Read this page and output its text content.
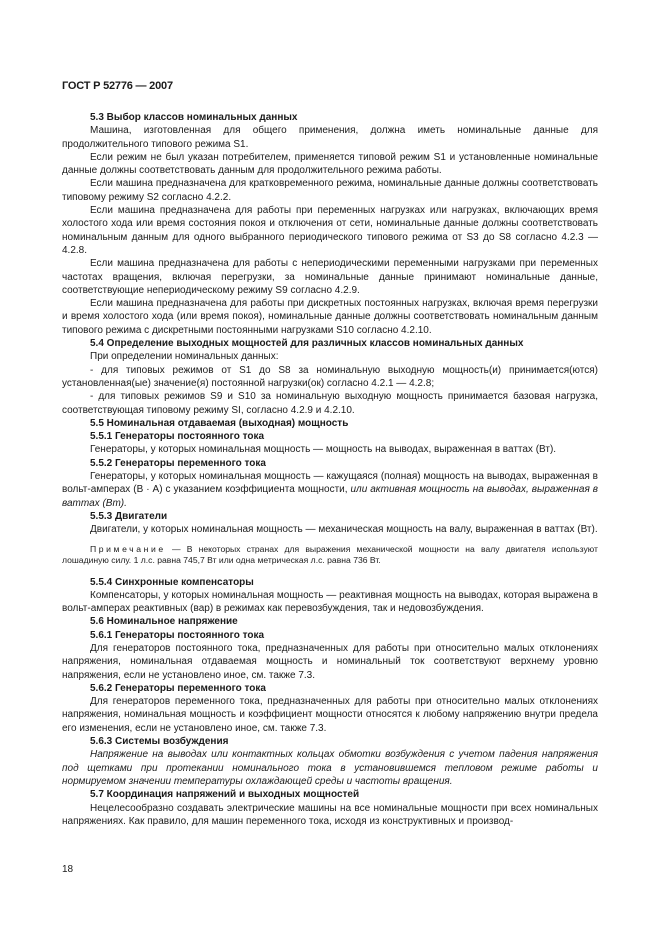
ГОСТ Р 52776 — 2007

5.3 Выбор классов номинальных данных

Машина, изготовленная для общего применения, должна иметь номинальные данные для продолжительного типового режима S1.

Если режим не был указан потребителем, применяется типовой режим S1 и установленные номинальные данные должны соответствовать данным для продолжительного режима работы.

Если машина предназначена для кратковременного режима, номинальные данные должны соответствовать типовому режиму S2 согласно 4.2.2.

Если машина предназначена для работы при переменных нагрузках или нагрузках, включающих время холостого хода или время состояния покоя и отключения от сети, номинальные данные должны соответствовать номинальным данным для одного выбранного периодического типового режима от S3 до S8 согласно 4.2.3 — 4.2.8.

Если машина предназначена для работы с непериодическими переменными нагрузками при переменных частотах вращения, включая перегрузки, за номинальные данные принимают номинальные данные, соответствующие непериодическому режиму S9 согласно 4.2.9.

Если машина предназначена для работы при дискретных постоянных нагрузках, включая время перегрузки и время холостого хода (или время покоя), номинальные данные должны соответствовать номинальным данным типового режима с дискретными постоянными нагрузками S10 согласно 4.2.10.

5.4 Определение выходных мощностей для различных классов номинальных данных

При определении номинальных данных:

- для типовых режимов от S1 до S8 за номинальную выходную мощность(и) принимается(ются) установленная(ые) значение(я) постоянной нагрузки(ок) согласно 4.2.1 — 4.2.8;

- для типовых режимов S9 и S10 за номинальную выходную мощность принимается базовая нагрузка, соответствующая типовому режиму SI, согласно 4.2.9 и 4.2.10.

5.5 Номинальная отдаваемая (выходная) мощность

5.5.1 Генераторы постоянного тока

Генераторы, у которых номинальная мощность — мощность на выводах, выраженная в ваттах (Вт).

5.5.2 Генераторы переменного тока

Генераторы, у которых номинальная мощность — кажущаяся (полная) мощность на выводах, выраженная в вольт-амперах (В · А) с указанием коэффициента мощности, или активная мощность на выводах, выраженная в ваттах (Вт).

5.5.3 Двигатели

Двигатели, у которых номинальная мощность — механическая мощность на валу, выраженная в ваттах (Вт).

Примечание — В некоторых странах для выражения механической мощности на валу двигателя используют лошадиную силу. 1 л.с. равна 745,7 Вт или одна метрическая л.с. равна 736 Вт.

5.5.4 Синхронные компенсаторы

Компенсаторы, у которых номинальная мощность — реактивная мощность на выводах, которая выражена в вольт-амперах реактивных (вар) в режимах как перевозбуждения, так и недовозбуждения.

5.6 Номинальное напряжение

5.6.1 Генераторы постоянного тока

Для генераторов постоянного тока, предназначенных для работы при относительно малых отклонениях напряжения, номинальная отдаваемая мощность и номинальный ток соответствуют верхнему уровню напряжения, если не установлено иное, см. также 7.3.

5.6.2 Генераторы переменного тока

Для генераторов переменного тока, предназначенных для работы при относительно малых отклонениях напряжения, номинальная мощность и коэффициент мощности относятся к любому напряжению внутри предела его изменения, если не установлено иное, см. также 7.3.

5.6.3 Системы возбуждения

Напряжение на выводах или контактных кольцах обмотки возбуждения с учетом падения напряжения под щетками при протекании номинального тока в установившемся тепловом режиме работы и нормируемом значении температуры охлаждающей среды и частоты вращения.

5.7 Координация напряжений и выходных мощностей

Нецелесообразно создавать электрические машины на все номинальные мощности при всех номинальных напряжениях. Как правило, для машин переменного тока, исходя из конструктивных и производ-

18
